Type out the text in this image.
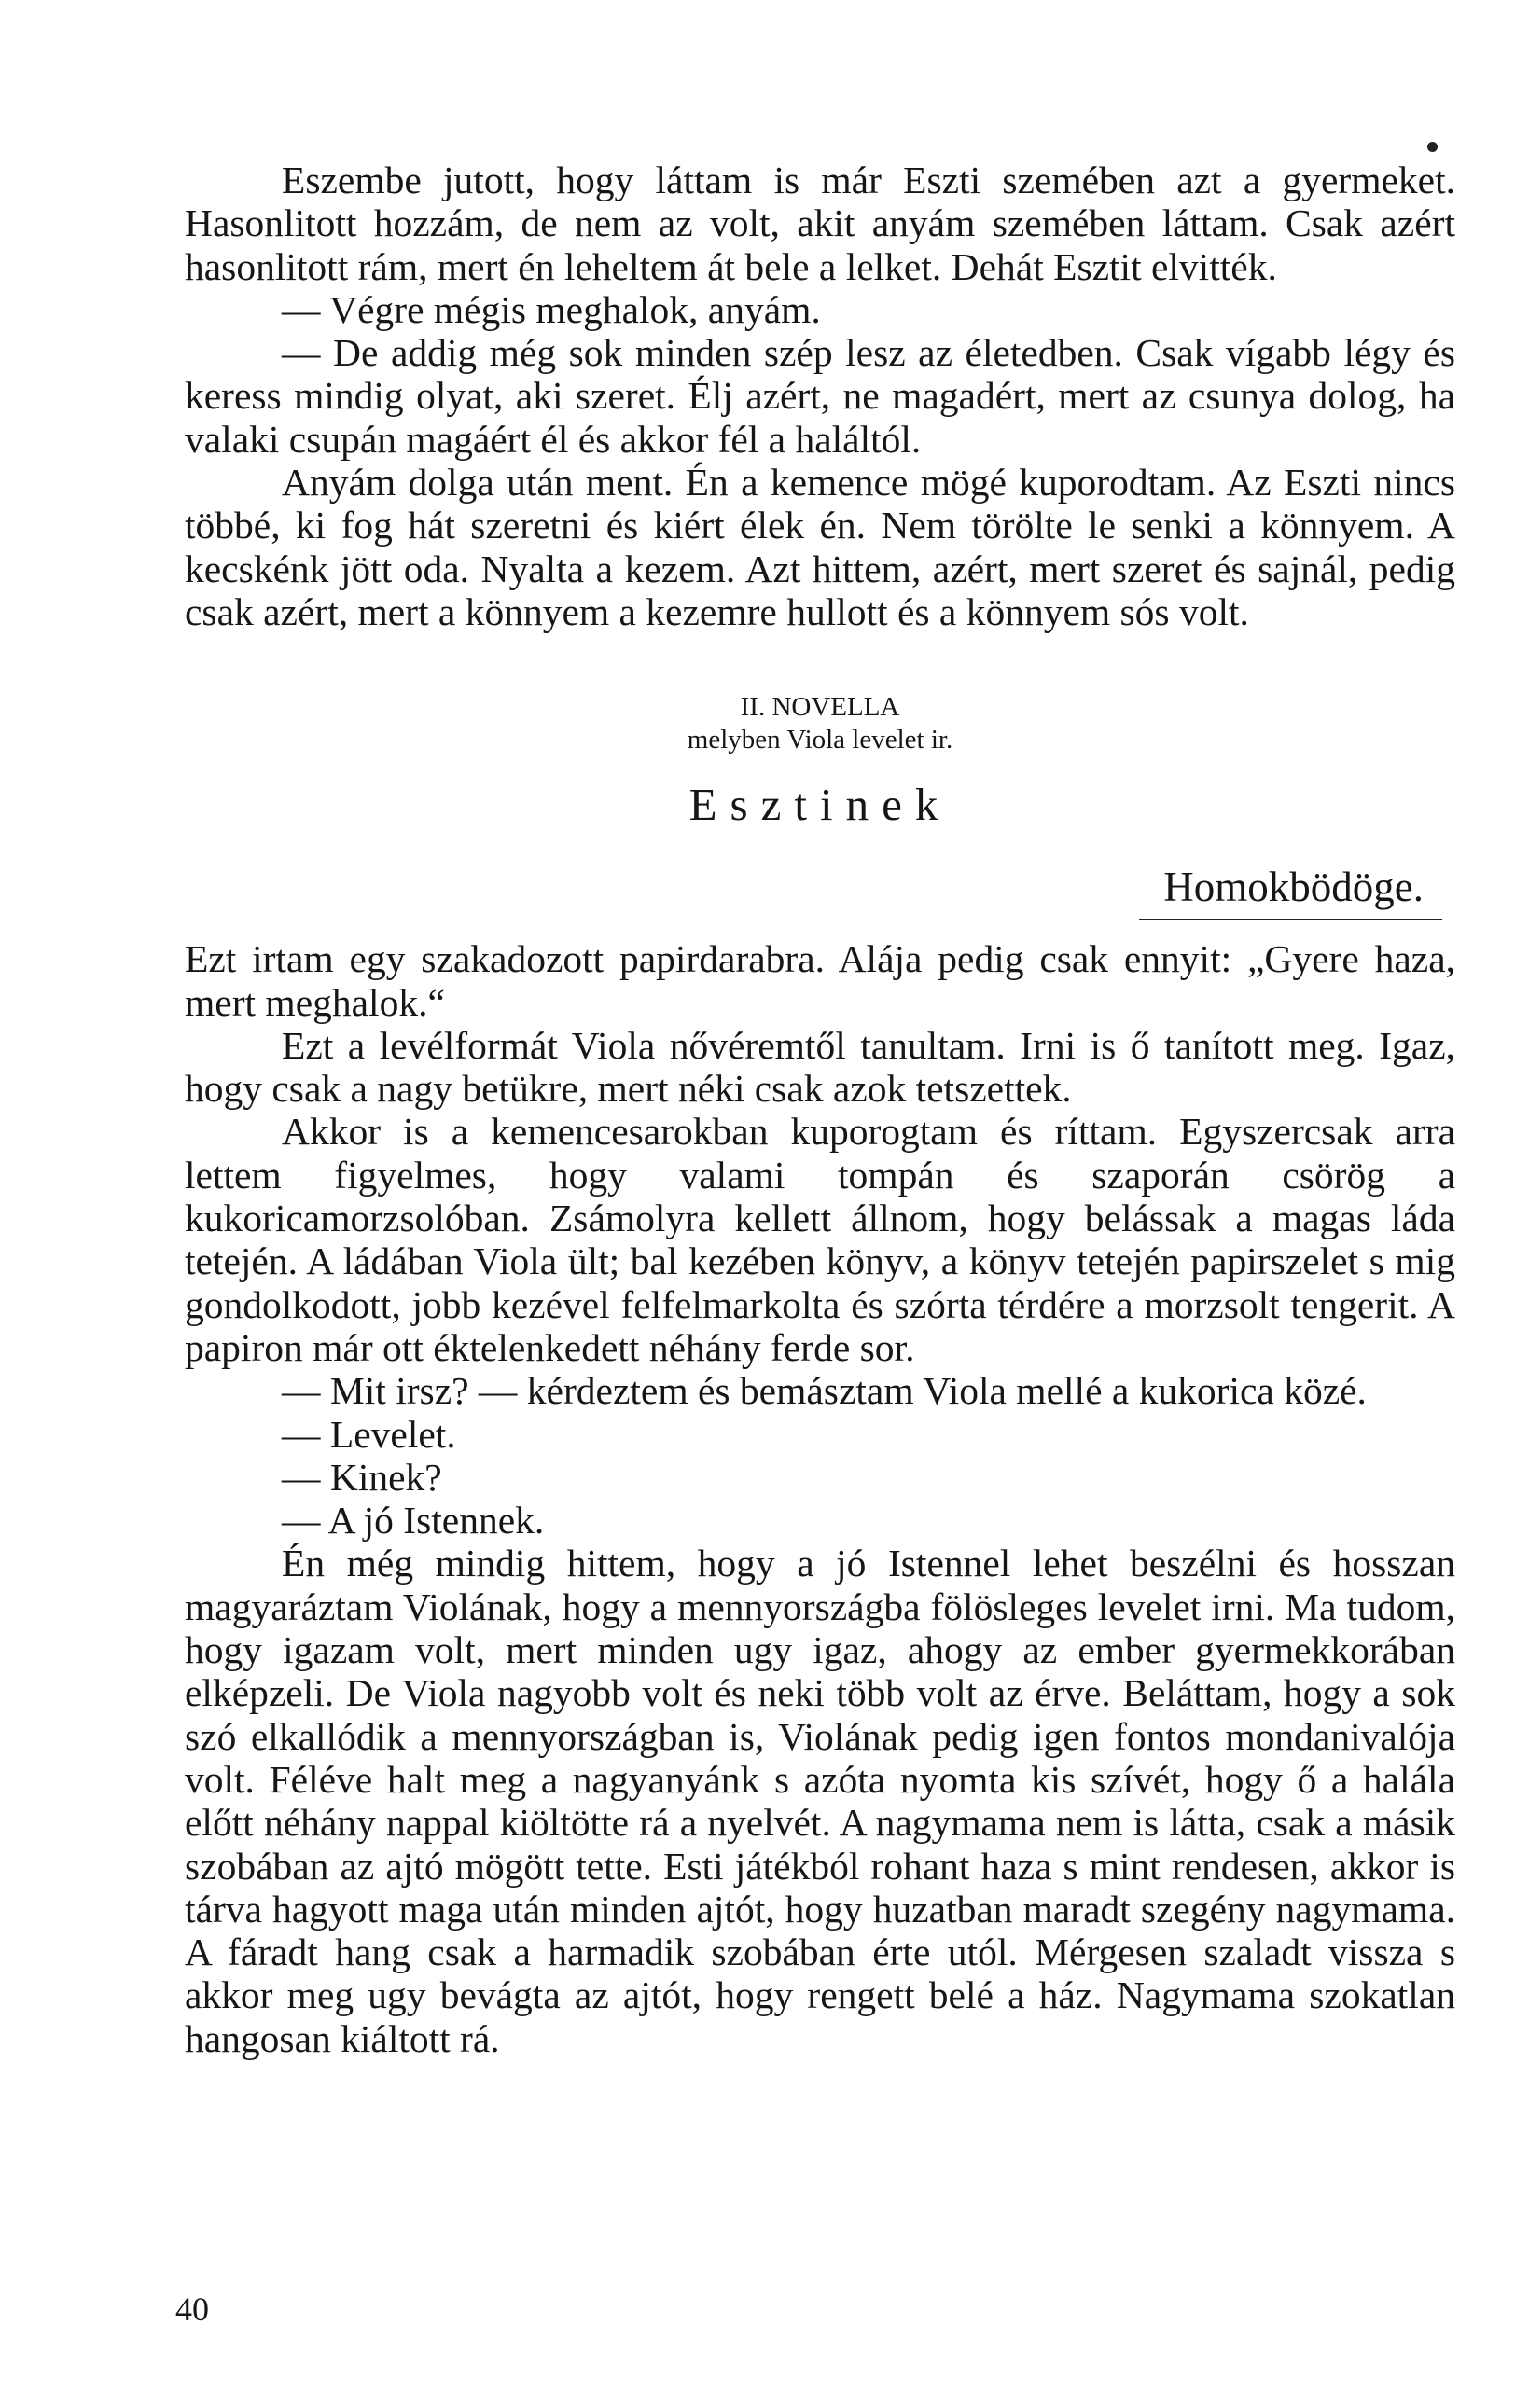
Eszembe jutott, hogy láttam is már Eszti szemében azt a gyermeket. Hasonlitott hozzám, de nem az volt, akit anyám szemében láttam. Csak azért hasonlitott rám, mert én leheltem át bele a lelket. Dehát Esztit elvitték.

— Végre mégis meghalok, anyám.

— De addig még sok minden szép lesz az életedben. Csak vígabb légy és keress mindig olyat, aki szeret. Élj azért, ne magadért, mert az csunya dolog, ha valaki csupán magáért él és akkor fél a haláltól.

Anyám dolga után ment. Én a kemence mögé kuporodtam. Az Eszti nincs többé, ki fog hát szeretni és kiért élek én. Nem törölte le senki a könnyem. A kecskénk jött oda. Nyalta a kezem. Azt hittem, azért, mert szeret és sajnál, pedig csak azért, mert a könnyem a kezemre hullott és a könnyem sós volt.

II. NOVELLA
melyben Viola levelet ir.
Esztinek
Homokbödöge.

Ezt irtam egy szakadozott papirdarabra. Alája pedig csak ennyit: „Gyere haza, mert meghalok.“

Ezt a levélformát Viola nővéremtől tanultam. Irni is ő tanított meg. Igaz, hogy csak a nagy betükre, mert néki csak azok tetszettek.

Akkor is a kemencesarokban kuporogtam és ríttam. Egyszercsak arra lettem figyelmes, hogy valami tompán és szaporán csörög a kukoricamorzsolóban. Zsámolyra kellett állnom, hogy belássak a magas láda tetején. A ládában Viola ült; bal kezében könyv, a könyv tetején papirszelet s mig gondolkodott, jobb kezével felfelmarkolta és szórta térdére a morzsolt tengerit. A papiron már ott éktelenkedett néhány ferde sor.

— Mit irsz? — kérdeztem és bemásztam Viola mellé a kukorica közé.

— Levelet.

— Kinek?

— A jó Istennek.

Én még mindig hittem, hogy a jó Istennel lehet beszélni és hosszan magyaráztam Violának, hogy a mennyországba fölösleges levelet irni. Ma tudom, hogy igazam volt, mert minden ugy igaz, ahogy az ember gyermekkorában elképzeli. De Viola nagyobb volt és neki több volt az érve. Beláttam, hogy a sok szó elkallódik a mennyországban is, Violának pedig igen fontos mondanivalója volt. Féléve halt meg a nagyanyánk s azóta nyomta kis szívét, hogy ő a halála előtt néhány nappal kiöltötte rá a nyelvét. A nagymama nem is látta, csak a másik szobában az ajtó mögött tette. Esti játékból rohant haza s mint rendesen, akkor is tárva hagyott maga után minden ajtót, hogy huzatban maradt szegény nagymama. A fáradt hang csak a harmadik szobában érte utól. Mérgesen szaladt vissza s akkor meg ugy bevágta az ajtót, hogy rengett belé a ház. Nagymama szokatlan hangosan kiáltott rá.

40
